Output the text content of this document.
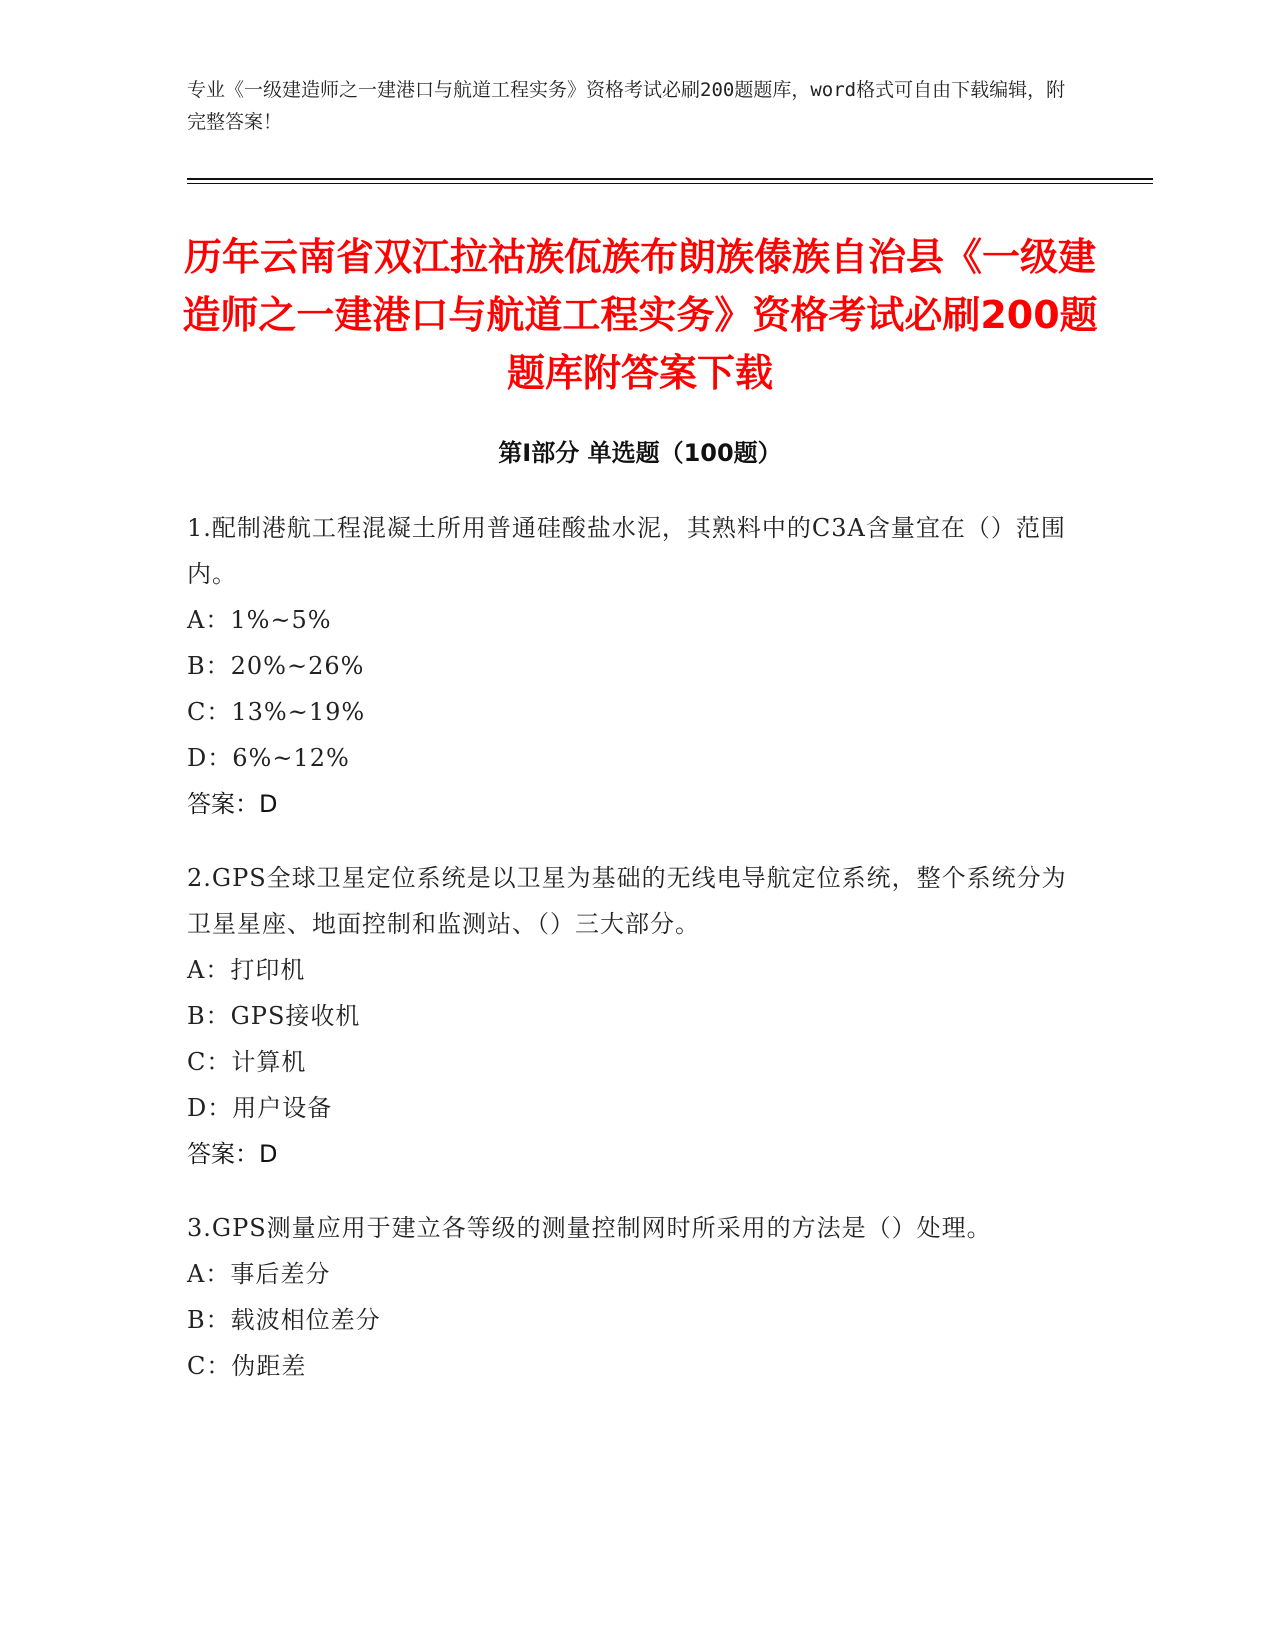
专业《一级建造师之一建港口与航道工程实务》资格考试必刷200题题库，word格式可自由下载编辑，附完整答案！
历年云南省双江拉祜族佤族布朗族傣族自治县《一级建造师之一建港口与航道工程实务》资格考试必刷200题题库附答案下载
第Ⅰ部分 单选题（100题）
1.配制港航工程混凝土所用普通硅酸盐水泥，其熟料中的C3A含量宜在（）范围内。
A：1%~5%
B：20%~26%
C：13%~19%
D：6%~12%
答案：D
2.GPS全球卫星定位系统是以卫星为基础的无线电导航定位系统，整个系统分为卫星星座、地面控制和监测站、（）三大部分。
A：打印机
B：GPS接收机
C：计算机
D：用户设备
答案：D
3.GPS测量应用于建立各等级的测量控制网时所采用的方法是（）处理。
A：事后差分
B：载波相位差分
C：伪距差
